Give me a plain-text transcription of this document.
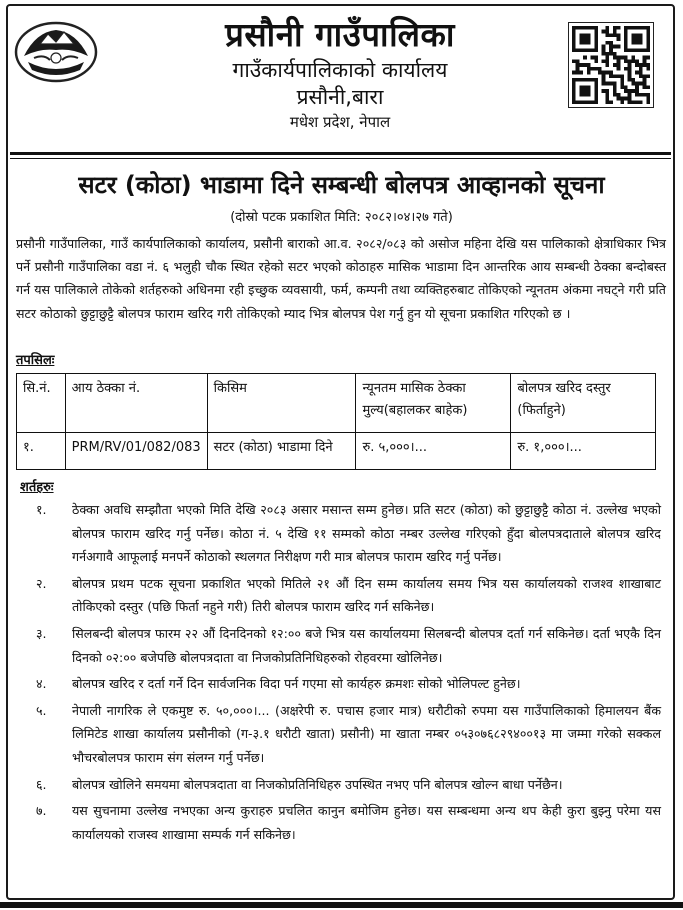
प्रसौनी गाउँपालिका
गाउँकार्यपालिकाको कार्यालय
प्रसौनी,बारा
मधेश प्रदेश, नेपाल
सटर (कोठा) भाडामा दिने सम्बन्धी बोलपत्र आव्हानको सूचना
(दोस्रो पटक प्रकाशित मिति: २०८२।०४।२७ गते)
प्रसौनी गाउँपालिका, गाउँ कार्यपालिकाको कार्यालय, प्रसौनी बाराको आ.व. २०८२/०८३ को असोज महिना देखि यस पालिकाको क्षेत्राधिकार भित्र पर्ने प्रसौनी गाउँपालिका वडा नं. ६ भलुही चौक स्थित रहेको सटर भएको कोठाहरु मासिक भाडामा दिन आन्तरिक आय सम्बन्धी ठेक्का बन्दोबस्त गर्न यस पालिकाले तोकेको शर्तहरुको अधिनमा रही इच्छुक व्यवसायी, फर्म, कम्पनी तथा व्यक्तिहरुबाट तोकिएको न्यूनतम अंकमा नघट्ने गरी प्रति सटर कोठाको छुट्टाछुट्टै बोलपत्र फाराम खरिद गरी तोकिएको म्याद भित्र बोलपत्र पेश गर्नु हुन यो सूचना प्रकाशित गरिएको छ ।
तपसिलः
सि.नं.	आय ठेक्का नं.	किसिम	न्यूनतम मासिक ठेक्का मुल्य(बहालकर बाहेक)	बोलपत्र खरिद दस्तुर (फिर्ताहुने)
१.	PRM/RV/01/082/083	सटर (कोठा) भाडामा दिने	रु. ५,०००।...	रु. १,०००।...
शर्तहरुः
१.	ठेक्का अवधि सम्झौता भएको मिति देखि २०८३ असार मसान्त सम्म हुनेछ। प्रति सटर (कोठा) को छुट्टाछुट्टै कोठा नं. उल्लेख भएको बोलपत्र फाराम खरिद गर्नु पर्नेछ। कोठा नं. ५ देखि ११ सम्मको कोठा नम्बर उल्लेख गरिएको हुँदा बोलपत्रदाताले बोलपत्र खरिद गर्नअगावै आफूलाई मनपर्ने कोठाको स्थलगत निरीक्षण गरी मात्र बोलपत्र फाराम खरिद गर्नु पर्नेछ।
२.	बोलपत्र प्रथम पटक सूचना प्रकाशित भएको मितिले २१ औं दिन सम्म कार्यालय समय भित्र यस कार्यालयको राजश्व शाखाबाट तोकिएको दस्तुर (पछि फिर्ता नहुने गरी) तिरी बोलपत्र फाराम खरिद गर्न सकिनेछ।
३.	सिलबन्दी बोलपत्र फारम २२ औं दिनदिनको १२:०० बजे भित्र यस कार्यालयमा सिलबन्दी बोलपत्र दर्ता गर्न सकिनेछ। दर्ता भएकै दिन दिनको ०२:०० बजेपछि बोलपत्रदाता वा निजकोप्रतिनिधिहरुको रोहवरमा खोलिनेछ।
४.	बोलपत्र खरिद र दर्ता गर्ने दिन सार्वजनिक विदा पर्न गएमा सो कार्यहरु क्रमशः सोको भोलिपल्ट हुनेछ।
५.	नेपाली नागरिक ले एकमुष्ट रु. ५०,०००।... (अक्षरेपी रु. पचास हजार मात्र) धरौटीको रुपमा यस गाउँपालिकाको हिमालयन बैंक लिमिटेड शाखा कार्यालय प्रसौनीको (ग-३.१ धरौटी खाता) प्रसौनी) मा खाता नम्बर ०५३०७६८२९४००१३ मा जम्मा गरेको सक्कल भौचरबोलपत्र फाराम संग संलग्न गर्नु पर्नेछ।
६.	बोलपत्र खोलिने समयमा बोलपत्रदाता वा निजकोप्रतिनिधिहरु उपस्थित नभए पनि बोलपत्र खोल्न बाधा पर्नेछैन।
७.	यस सुचनामा उल्लेख नभएका अन्य कुराहरु प्रचलित कानुन बमोजिम हुनेछ। यस सम्बन्धमा अन्य थप केही कुरा बुझ्नु परेमा यस कार्यालयको राजस्व शाखामा सम्पर्क गर्न सकिनेछ।
